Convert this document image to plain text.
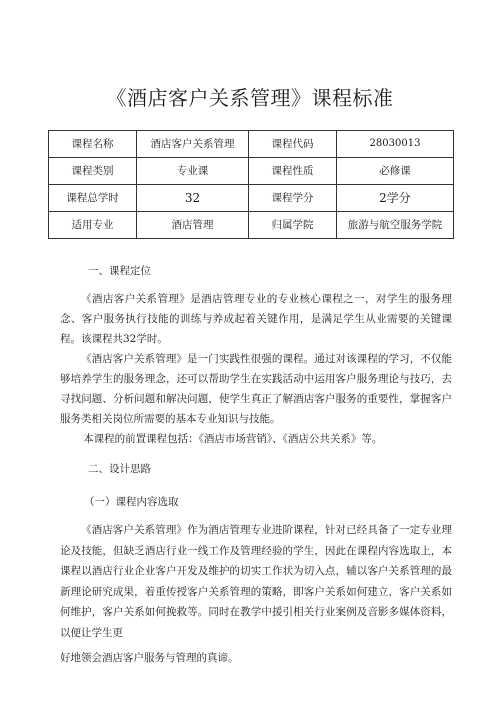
《酒店客户关系管理》课程标准
课程名称	酒店客户关系管理	课程代码	28030013
课程类别	专业课	课程性质	必修课
课程总学时	32	课程学分	2学分
适用专业	酒店管理	归属学院	旅游与航空服务学院
一、课程定位

《酒店客户关系管理》是酒店管理专业的专业核心课程之一，对学生的服务理念、客户服务执行技能的训练与养成起着关键作用，是满足学生从业需要的关键课程。该课程共32学时。

《酒店客户关系管理》是一门实践性很强的课程。通过对该课程的学习，不仅能够培养学生的服务理念，还可以帮助学生在实践活动中运用客户服务理论与技巧，去寻找问题、分析问题和解决问题，使学生真正了解酒店客户服务的重要性，掌握客户服务类相关岗位所需要的基本专业知识与技能。

本课程的前置课程包括：《酒店市场营销》、《酒店公共关系》等。

二、设计思路
（一）课程内容选取

《酒店客户关系管理》作为酒店管理专业进阶课程，针对已经具备了一定专业理论及技能，但缺乏酒店行业一线工作及管理经验的学生，因此在课程内容选取上，本课程以酒店行业企业客户开发及维护的切实工作状为切入点，辅以客户关系管理的最新理论研究成果，着重传授客户关系管理的策略，即客户关系如何建立，客户关系如何维护，客户关系如何挽救等。同时在教学中援引相关行业案例及音影多媒体资料，以便让学生更

好地领会酒店客户服务与管理的真谛。
